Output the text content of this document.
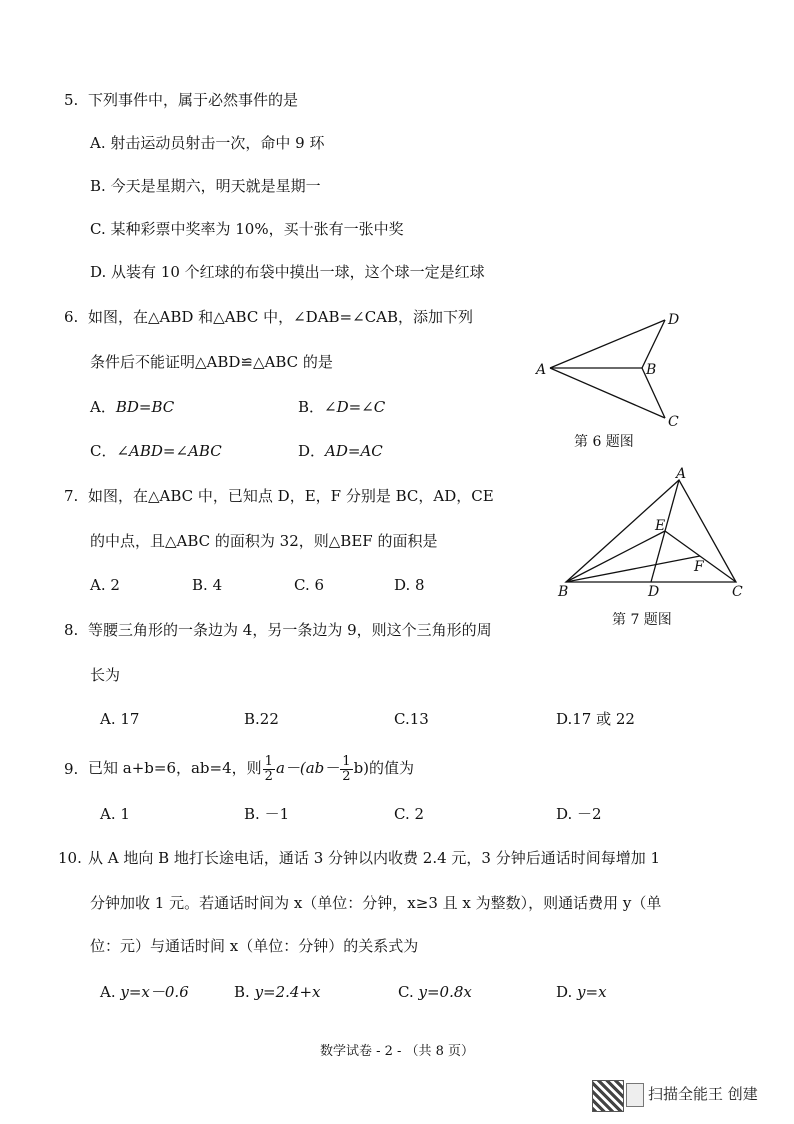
5. 下列事件中，属于必然事件的是
A. 射击运动员射击一次，命中 9 环
B. 今天是星期六，明天就是星期一
C. 某种彩票中奖率为 10%，买十张有一张中奖
D. 从装有 10 个红球的布袋中摸出一球，这个球一定是红球
6. 如图，在△ABD 和△ABC 中，∠DAB=∠CAB，添加下列
条件后不能证明△ABD≌△ABC 的是
A．BD=BC	B．∠D=∠C
C．∠ABD=∠ABC	D．AD=AC
A	B
C
D
第 6 题图
7. 如图，在△ABC 中，已知点 D，E，F 分别是 BC，AD，CE
的中点，且△ABC 的面积为 32，则△BEF 的面积是
A. 2	B. 4	C. 6	D. 8
A
B	C
D
E
F
第 7 题图
8. 等腰三角形的一条边为 4，另一条边为 9，则这个三角形的周
长为
A. 17	B.22	C.13	D.17 或 22
9. 已知 a+b=6，ab=4，则 $\frac{1}{2} a-(ab- \frac{1}{2} b)$的值为
A. 1	B. －1	C. 2	D. －2
10. 从 A 地向 B 地打长途电话，通话 3 分钟以内收费 2.4 元，3 分钟后通话时间每增加 1
分钟加收 1 元。若通话时间为 x（单位：分钟，x≥3 且 x 为整数），则通话费用 y（单
位：元）与通话时间 x（单位：分钟）的关系式为
A. y=x－0.6	B. y=2.4+x	C. y=0.8x	D. y=x
数学试卷 - 2 - （共 8 页）
扫描全能王 创建
